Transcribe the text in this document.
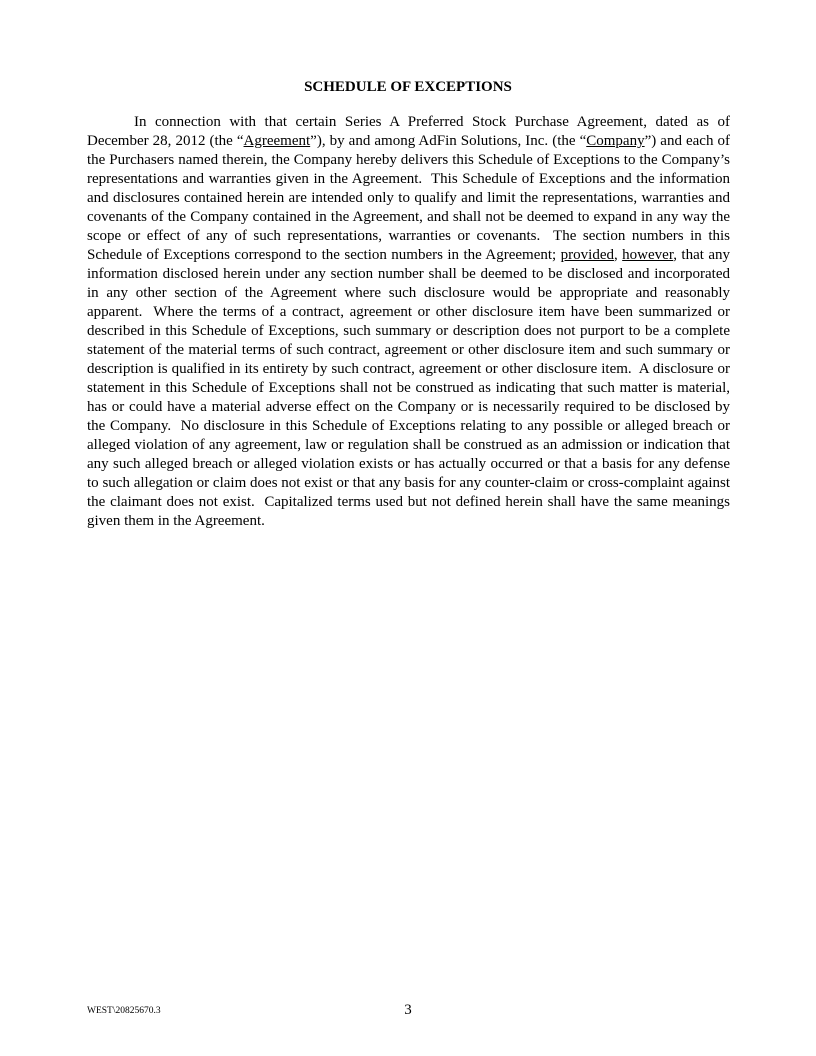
SCHEDULE OF EXCEPTIONS
In connection with that certain Series A Preferred Stock Purchase Agreement, dated as of December 28, 2012 (the “Agreement”), by and among AdFin Solutions, Inc. (the “Company”) and each of the Purchasers named therein, the Company hereby delivers this Schedule of Exceptions to the Company’s representations and warranties given in the Agreement.  This Schedule of Exceptions and the information and disclosures contained herein are intended only to qualify and limit the representations, warranties and covenants of the Company contained in the Agreement, and shall not be deemed to expand in any way the scope or effect of any of such representations, warranties or covenants.  The section numbers in this Schedule of Exceptions correspond to the section numbers in the Agreement; provided, however, that any information disclosed herein under any section number shall be deemed to be disclosed and incorporated in any other section of the Agreement where such disclosure would be appropriate and reasonably apparent.  Where the terms of a contract, agreement or other disclosure item have been summarized or described in this Schedule of Exceptions, such summary or description does not purport to be a complete statement of the material terms of such contract, agreement or other disclosure item and such summary or description is qualified in its entirety by such contract, agreement or other disclosure item.  A disclosure or statement in this Schedule of Exceptions shall not be construed as indicating that such matter is material, has or could have a material adverse effect on the Company or is necessarily required to be disclosed by the Company.  No disclosure in this Schedule of Exceptions relating to any possible or alleged breach or alleged violation of any agreement, law or regulation shall be construed as an admission or indication that any such alleged breach or alleged violation exists or has actually occurred or that a basis for any defense to such allegation or claim does not exist or that any basis for any counter-claim or cross-complaint against the claimant does not exist.  Capitalized terms used but not defined herein shall have the same meanings given them in the Agreement.
WEST\20825670.3	3
